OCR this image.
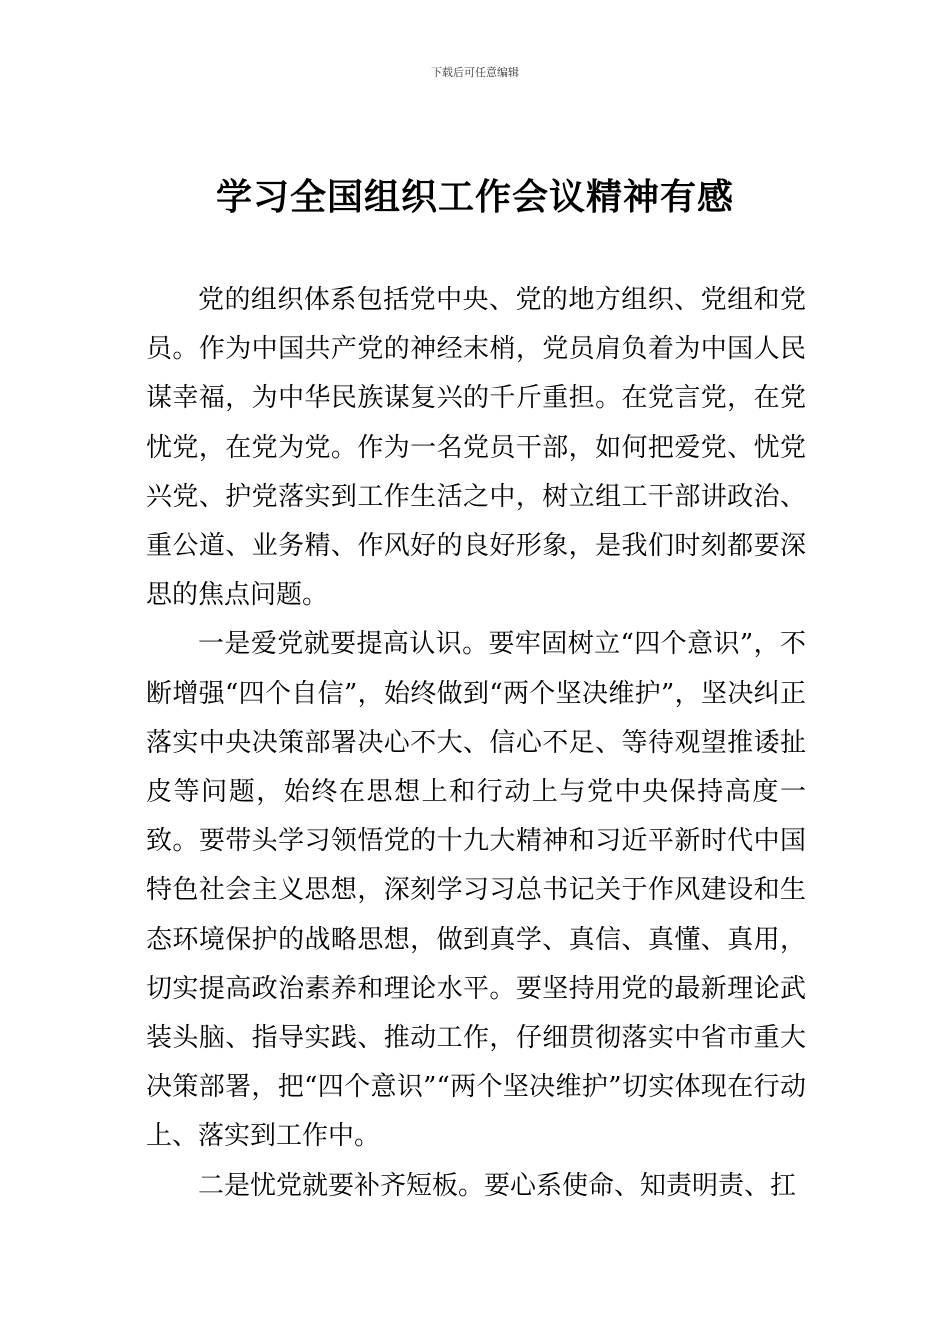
下载后可任意编辑
学习全国组织工作会议精神有感

党的组织体系包括党中央、党的地方组织、党组和党员。作为中国共产党的神经末梢，党员肩负着为中国人民谋幸福，为中华民族谋复兴的千斤重担。在党言党，在党忧党，在党为党。作为一名党员干部，如何把爱党、忧党兴党、护党落实到工作生活之中，树立组工干部讲政治、重公道、业务精、作风好的良好形象，是我们时刻都要深思的焦点问题。

一是爱党就要提高认识。要牢固树立“四个意识”，不断增强“四个自信”，始终做到“两个坚决维护”，坚决纠正落实中央决策部署决心不大、信心不足、等待观望推诿扯皮等问题，始终在思想上和行动上与党中央保持高度一致。要带头学习领悟党的十九大精神和习近平新时代中国特色社会主义思想，深刻学习习总书记关于作风建设和生态环境保护的战略思想，做到真学、真信、真懂、真用，切实提高政治素养和理论水平。要坚持用党的最新理论武装头脑、指导实践、推动工作，仔细贯彻落实中省市重大决策部署，把“四个意识”“两个坚决维护”切实体现在行动上、落实到工作中。

二是忧党就要补齐短板。要心系使命、知责明责、扛
